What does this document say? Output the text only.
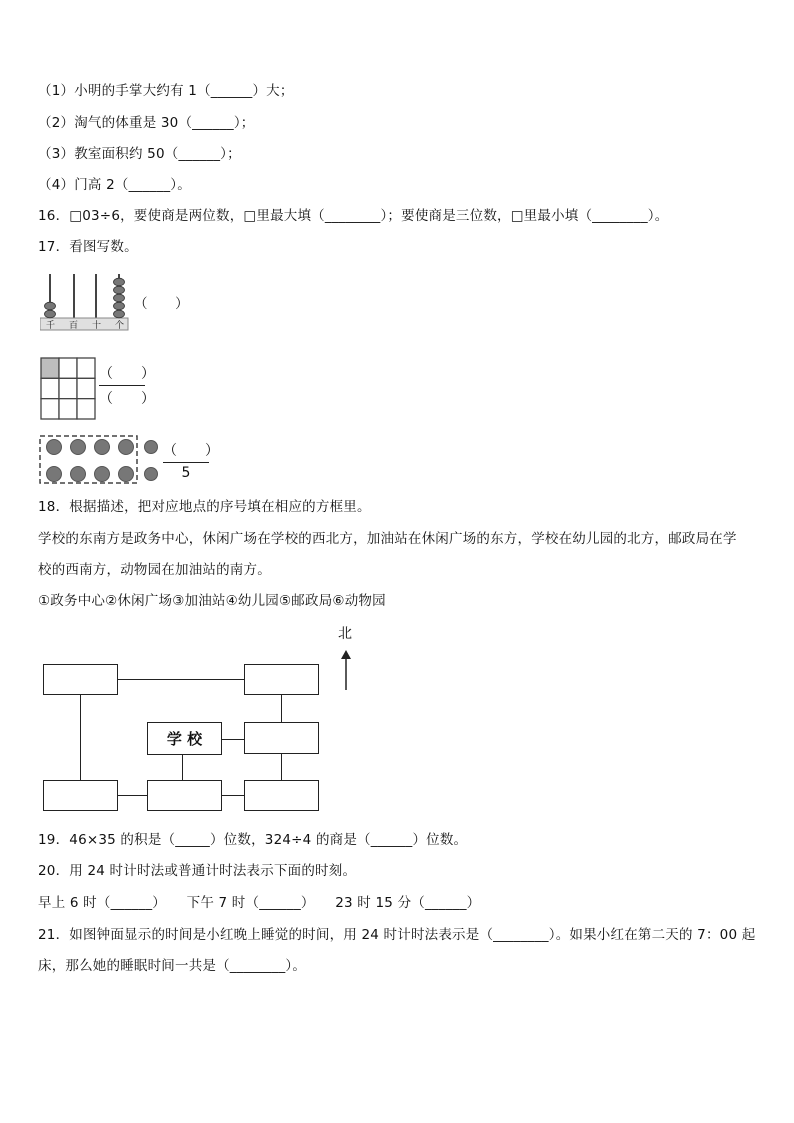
（1）小明的手掌大约有 1（______）大；
（2）淘气的体重是 30（______）；
（3）教室面积约 50（______）；
（4）门高 2（______）。
16．□03÷6，要使商是两位数，□里最大填（________）；要使商是三位数，□里最小填（________）。
17．看图写数。
千 百 十 个
（　　）
（　　）
（　　）
（　　）
5
18．根据描述，把对应地点的序号填在相应的方框里。
学校的东南方是政务中心，休闲广场在学校的西北方，加油站在休闲广场的东方，学校在幼儿园的北方，邮政局在学
校的西南方，动物园在加油站的南方。
①政务中心②休闲广场③加油站④幼儿园⑤邮政局⑥动物园
北
学 校
19．46×35 的积是（_____）位数，324÷4 的商是（______）位数。
20．用 24 时计时法或普通计时法表示下面的时刻。
早上 6 时（______）　　下午 7 时（______）　　23 时 15 分（______）
21．如图钟面显示的时间是小红晚上睡觉的时间，用 24 时计时法表示是（________）。如果小红在第二天的 7：00 起
床，那么她的睡眠时间一共是（________）。
